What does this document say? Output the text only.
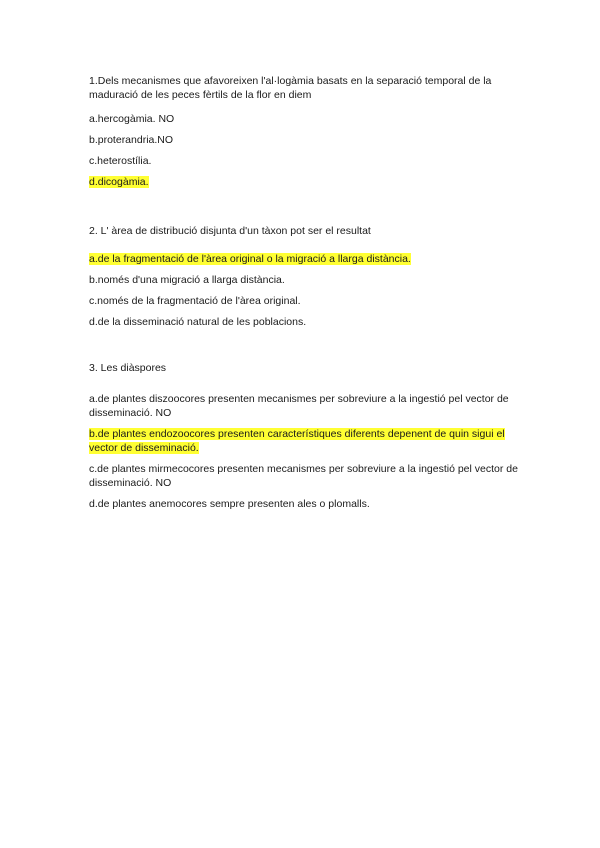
1.Dels mecanismes que afavoreixen l'al·logàmia basats en la separació temporal de la maduració de les peces fèrtils de la flor en diem

a.hercogàmia. NO
b.proterandria.NO
c.heterostília.
d.dicogàmia.

2. L' àrea de distribució disjunta d'un tàxon pot ser el resultat

a.de la fragmentació de l'àrea original o la migració a llarga distància.
b.només d'una migració a llarga distància.
c.només de la fragmentació de l'àrea original.
d.de la disseminació natural de les poblacions.

3. Les diàspores

a.de plantes diszoocores presenten mecanismes per sobreviure a la ingestió pel vector de disseminació. NO
b.de plantes endozoocores presenten característiques diferents depenent de quin sigui el vector de disseminació.
c.de plantes mirmecocores presenten mecanismes per sobreviure a la ingestió pel vector de disseminació. NO
d.de plantes anemocores sempre presenten ales o plomalls.
